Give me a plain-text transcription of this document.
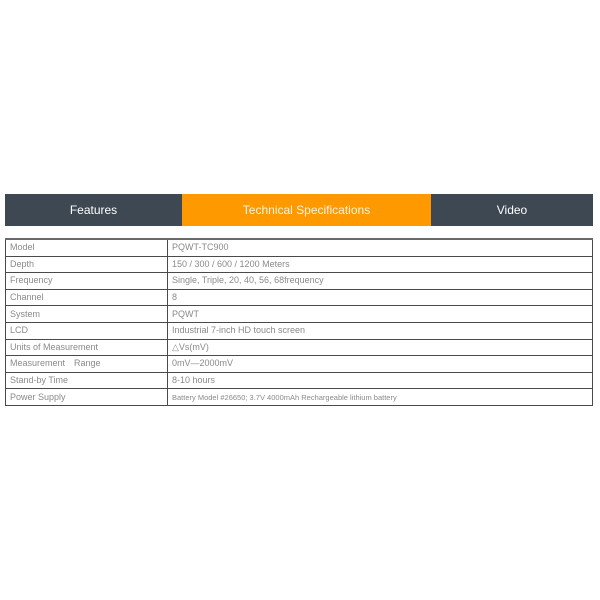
Features	Technical Specifications	Video
Model	PQWT-TC900
Depth	150 / 300 / 600 / 1200 Meters
Frequency	Single, Triple, 20, 40, 56, 68frequency
Channel	8
System	PQWT
LCD	Industrial 7-inch HD touch screen
Units of Measurement	△Vs(mV)
Measurement　Range	0mV—2000mV
Stand-by Time	8-10 hours
Power Supply	Battery Model #26650; 3.7V 4000mAh Rechargeable lithium battery
